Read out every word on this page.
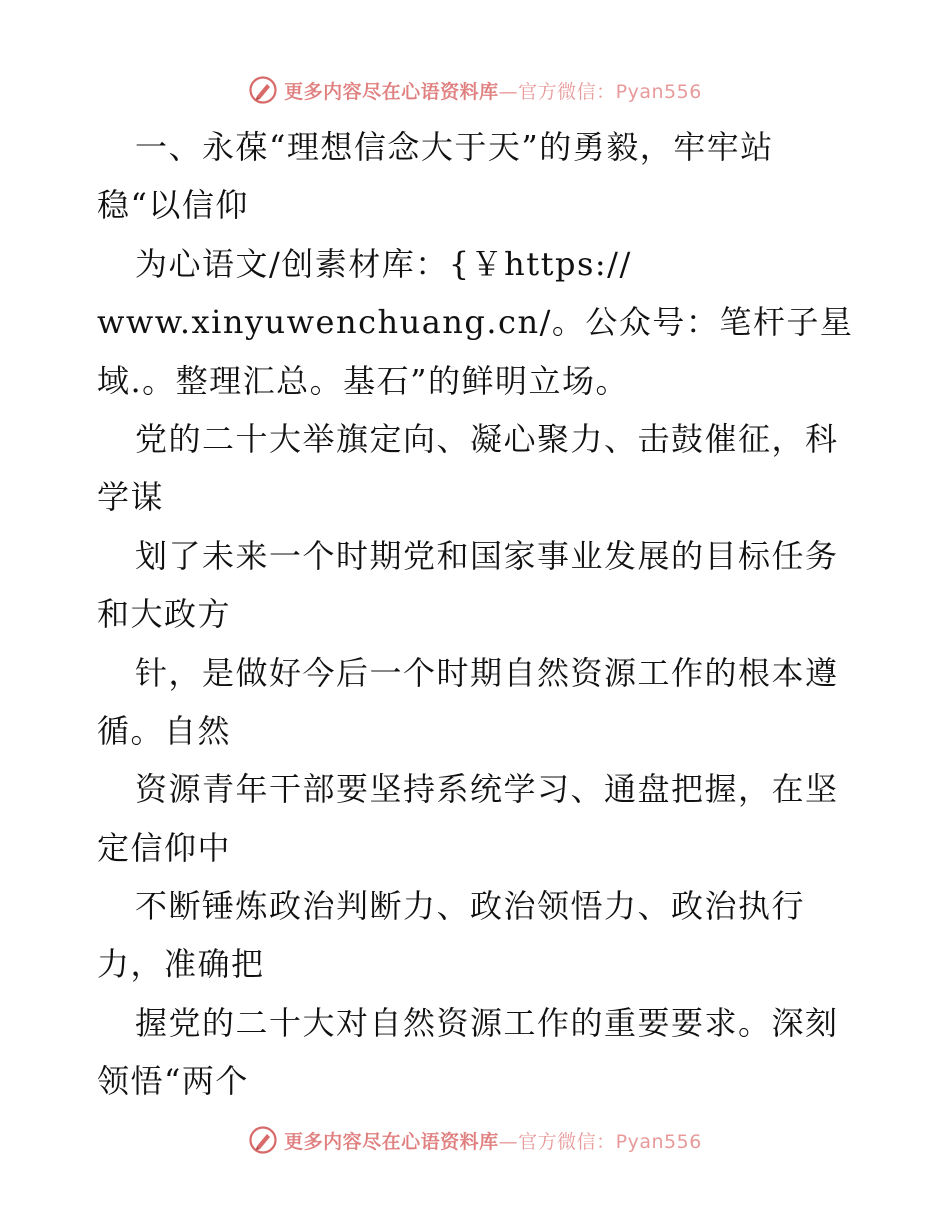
更多内容尽在心语资料库—官方微信：Pyan556
一、永葆“理想信念大于天”的勇毅，牢牢站
稳“以信仰
为心语文/创素材库：{￥https://
www.xinyuwenchuang.cn/。公众号：笔杆子星
域.。整理汇总。基石”的鲜明立场。
党的二十大举旗定向、凝心聚力、击鼓催征，科
学谋
划了未来一个时期党和国家事业发展的目标任务
和大政方
针，是做好今后一个时期自然资源工作的根本遵
循。自然
资源青年干部要坚持系统学习、通盘把握，在坚
定信仰中
不断锤炼政治判断力、政治领悟力、政治执行
力，准确把
握党的二十大对自然资源工作的重要要求。深刻
领悟“两个
更多内容尽在心语资料库—官方微信：Pyan556
